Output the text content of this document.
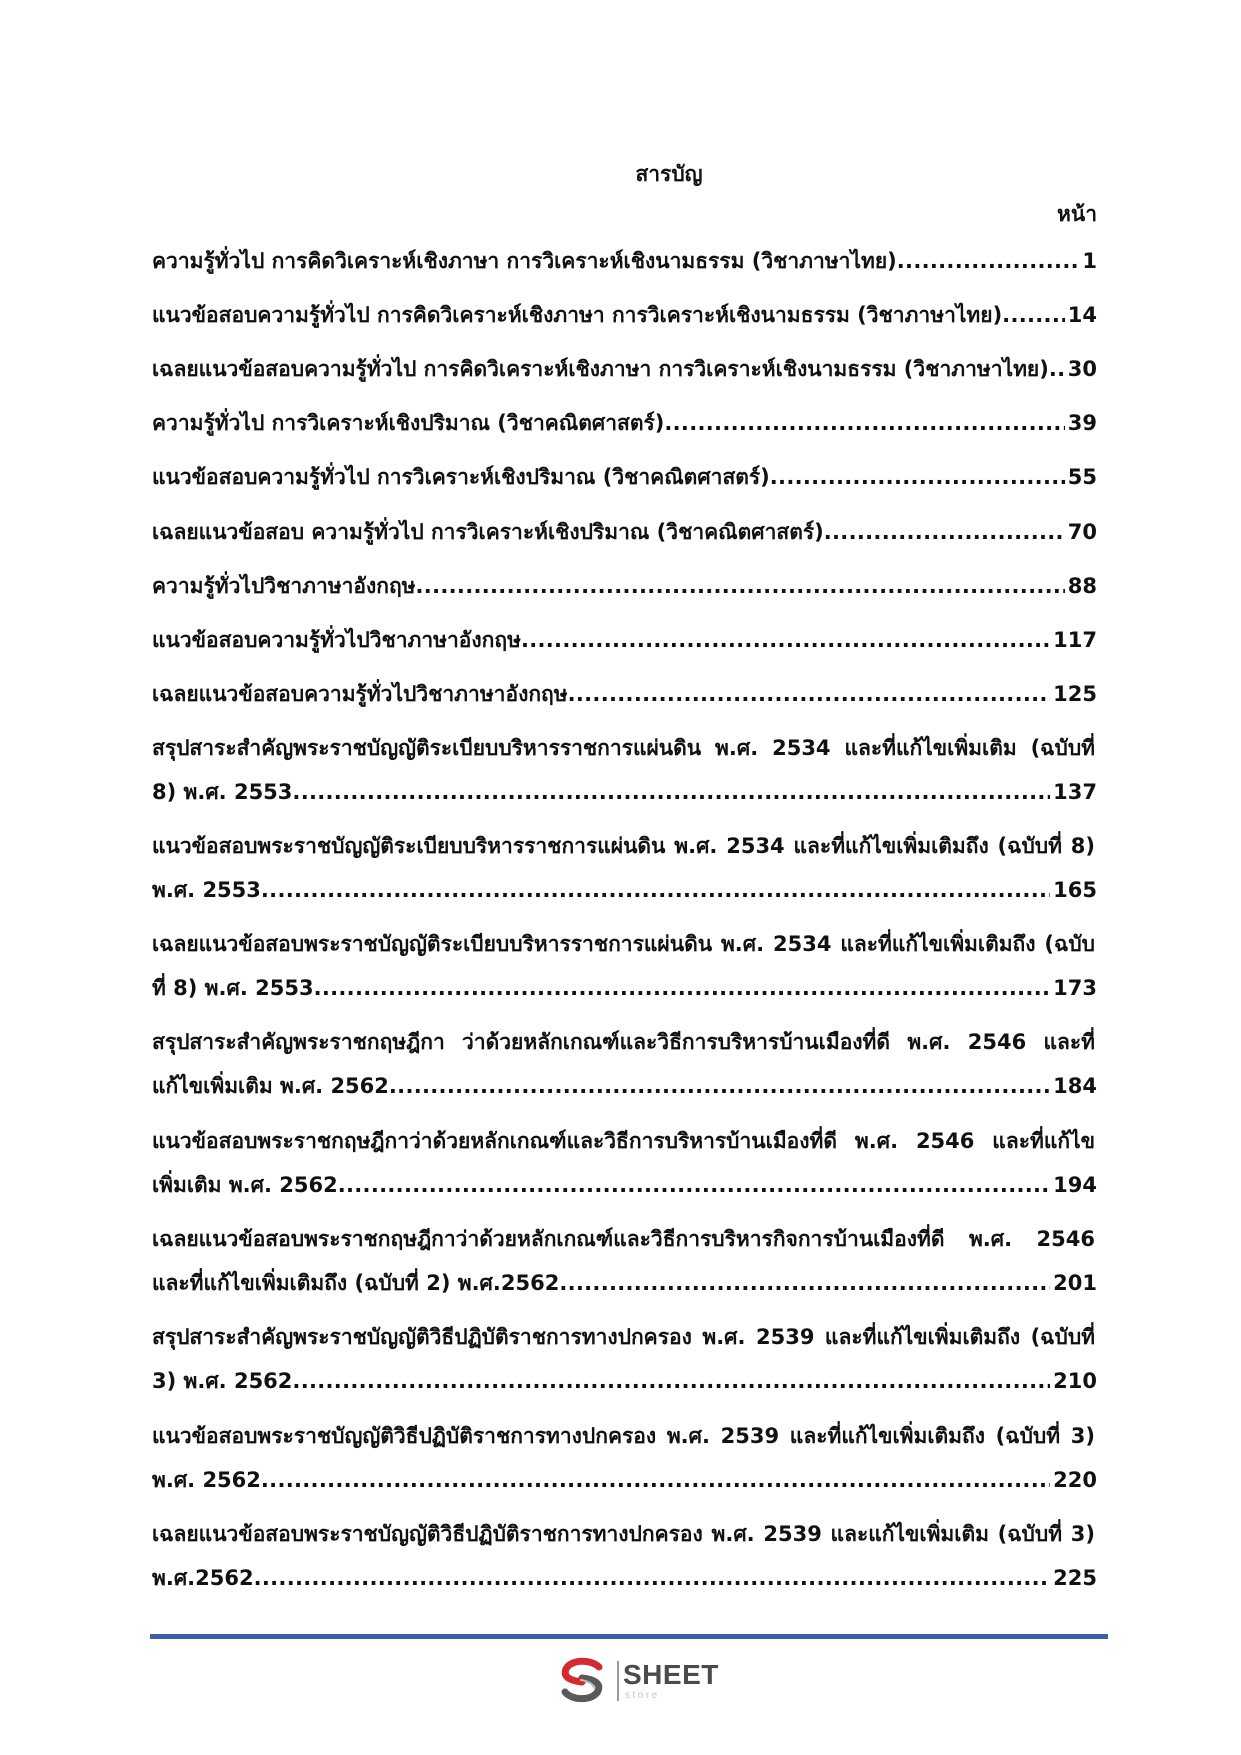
สารบัญ
หน้า
ความรู้ทั่วไป การคิดวิเคราะห์เชิงภาษา การวิเคราะห์เชิงนามธรรม (วิชาภาษาไทย) .....	1
แนวข้อสอบความรู้ทั่วไป การคิดวิเคราะห์เชิงภาษา การวิเคราะห์เชิงนามธรรม (วิชาภาษาไทย) .....	14
เฉลยแนวข้อสอบความรู้ทั่วไป การคิดวิเคราะห์เชิงภาษา การวิเคราะห์เชิงนามธรรม (วิชาภาษาไทย) ..... 30
ความรู้ทั่วไป การวิเคราะห์เชิงปริมาณ (วิชาคณิตศาสตร์) .....	39
แนวข้อสอบความรู้ทั่วไป การวิเคราะห์เชิงปริมาณ (วิชาคณิตศาสตร์) .....	55
เฉลยแนวข้อสอบ ความรู้ทั่วไป การวิเคราะห์เชิงปริมาณ (วิชาคณิตศาสตร์) .....	70
ความรู้ทั่วไปวิชาภาษาอังกฤษ .....	88
แนวข้อสอบความรู้ทั่วไปวิชาภาษาอังกฤษ .....	117
เฉลยแนวข้อสอบความรู้ทั่วไปวิชาภาษาอังกฤษ .....	125
สรุปสาระสำคัญพระราชบัญญัติระเบียบบริหารราชการแผ่นดิน พ.ศ. 2534 และที่แก้ไขเพิ่มเติม (ฉบับที่
8) พ.ศ. 2553 .....	137
แนวข้อสอบพระราชบัญญัติระเบียบบริหารราชการแผ่นดิน พ.ศ. 2534 และที่แก้ไขเพิ่มเติมถึง (ฉบับที่ 8)
พ.ศ. 2553 .....	165
เฉลยแนวข้อสอบพระราชบัญญัติระเบียบบริหารราชการแผ่นดิน พ.ศ. 2534 และที่แก้ไขเพิ่มเติมถึง (ฉบับ
ที่ 8) พ.ศ. 2553 .....	173
สรุปสาระสำคัญพระราชกฤษฎีกา ว่าด้วยหลักเกณฑ์และวิธีการบริหารบ้านเมืองที่ดี พ.ศ. 2546 และที่
แก้ไขเพิ่มเติม พ.ศ. 2562 .....	184
แนวข้อสอบพระราชกฤษฎีกาว่าด้วยหลักเกณฑ์และวิธีการบริหารบ้านเมืองที่ดี พ.ศ. 2546 และที่แก้ไข
เพิ่มเติม พ.ศ. 2562 .....	194
เฉลยแนวข้อสอบพระราชกฤษฎีกาว่าด้วยหลักเกณฑ์และวิธีการบริหารกิจการบ้านเมืองที่ดี พ.ศ. 2546
และที่แก้ไขเพิ่มเติมถึง (ฉบับที่ 2) พ.ศ.2562 .....	201
สรุปสาระสำคัญพระราชบัญญัติวิธีปฏิบัติราชการทางปกครอง พ.ศ. 2539 และที่แก้ไขเพิ่มเติมถึง (ฉบับที่
3) พ.ศ. 2562 .....	210
แนวข้อสอบพระราชบัญญัติวิธีปฏิบัติราชการทางปกครอง พ.ศ. 2539 และที่แก้ไขเพิ่มเติมถึง (ฉบับที่ 3)
พ.ศ. 2562 .....	220
เฉลยแนวข้อสอบพระราชบัญญัติวิธีปฏิบัติราชการทางปกครอง พ.ศ. 2539 และแก้ไขเพิ่มเติม (ฉบับที่ 3)
พ.ศ.2562 .....	225
SHEET
store
